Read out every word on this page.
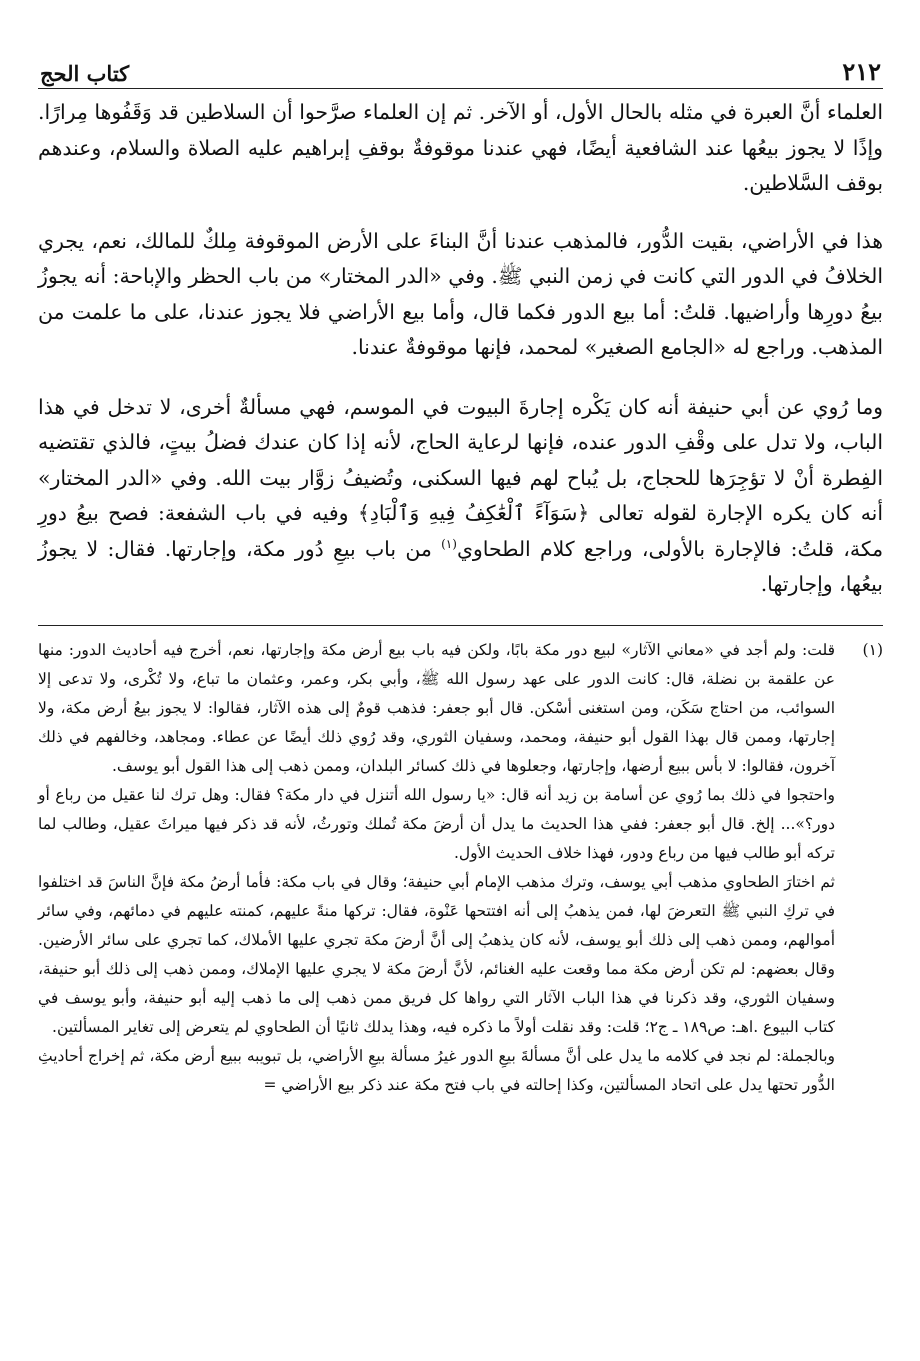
٢١٢
كتاب الحج

العلماء أنَّ العبرة في مثله بالحال الأول، أو الآخر. ثم إن العلماء صرَّحوا أن السلاطين قد وَقَفُوها مِرارًا. وإذًا لا يجوز بيعُها عند الشافعية أيضًا، فهي عندنا موقوفةٌ بوقفِ إبراهيم عليه الصلاة والسلام، وعندهم بوقف السَّلاطين.

هذا في الأراضي، بقيت الدُّور، فالمذهب عندنا أنَّ البناءَ على الأرض الموقوفة مِلكٌ للمالك، نعم، يجري الخلافُ في الدور التي كانت في زمن النبي ﷺ. وفي «الدر المختار» من باب الحظر والإباحة: أنه يجوزُ بيعُ دورِها وأراضيها. قلتُ: أما بيع الدور فكما قال، وأما بيع الأراضي فلا يجوز عندنا، على ما علمت من المذهب. وراجع له «الجامع الصغير» لمحمد، فإنها موقوفةٌ عندنا.

وما رُوي عن أبي حنيفة أنه كان يَكْره إجارةَ البيوت في الموسم، فهي مسألةٌ أخرى، لا تدخل في هذا الباب، ولا تدل على وقْفِ الدور عنده، فإنها لرعاية الحاج، لأنه إذا كان عندك فضلُ بيتٍ، فالذي تقتضيه الفِطرة أنْ لا تؤجِرَها للحجاج، بل يُباح لهم فيها السكنى، وتُضيفُ زوَّار بيت الله. وفي «الدر المختار» أنه كان يكره الإجارة لقوله تعالى ﴿سَوَآءً ٱلْعَٰكِفُ فِيهِ وَٱلْبَادِ﴾ وفيه في باب الشفعة: فصح بيعُ دورِ مكة، قلتُ: فالإجارة بالأولى، وراجع كلام الطحاوي$^{(١)}$ من باب بيعِ دُور مكة، وإجارتها. فقال: لا يجوزُ بيعُها، وإجارتها.

(١)

قلت: ولم أجد في «معاني الآثار» لبيع دور مكة بابًا، ولكن فيه باب بيع أرض مكة وإجارتها، نعم، أخرج فيه أحاديث الدور: منها عن علقمة بن نضلة، قال: كانت الدور على عهد رسول الله ﷺ، وأبي بكر، وعمر، وعثمان ما تباع، ولا تُكْرى، ولا تدعى إلا السوائب، من احتاج سَكَن، ومن استغنى أسْكن. قال أبو جعفر: فذهب قومٌ إلى هذه الآثار، فقالوا: لا يجوز بيعُ أرض مكة، ولا إجارتها، وممن قال بهذا القول أبو حنيفة، ومحمد، وسفيان الثوري، وقد رُوي ذلك أيضًا عن عطاء. ومجاهد، وخالفهم في ذلك آخرون، فقالوا: لا بأس ببيع أرضها، وإجارتها، وجعلوها في ذلك كسائر البلدان، وممن ذهب إلى هذا القول أبو يوسف.

واحتجوا في ذلك بما رُوي عن أسامة بن زيد أنه قال: «يا رسول الله أتنزل في دار مكة؟ فقال: وهل ترك لنا عقيل من رباع أو دور؟»... إلخ. قال أبو جعفر: ففي هذا الحديث ما يدل أن أرضَ مكة تُملك وتورثُ، لأنه قد ذكر فيها ميراثَ عقيل، وطالب لما تركه أبو طالب فيها من رباع ودور، فهذا خلاف الحديث الأول.

ثم اختارَ الطحاوي مذهب أبي يوسف، وترك مذهب الإمام أبي حنيفة؛ وقال في باب مكة: فأما أرضُ مكة فإنَّ الناسَ قد اختلفوا في تركِ النبي ﷺ التعرضَ لها، فمن يذهبُ إلى أنه افتتحها عَنْوة، فقال: تركها منةً عليهم، كمنته عليهم في دمائهم، وفي سائر أموالهم، وممن ذهب إلى ذلك أبو يوسف، لأنه كان يذهبُ إلى أنَّ أرضَ مكة تجري عليها الأملاك، كما تجري على سائر الأرضين. وقال بعضهم: لم تكن أرض مكة مما وقعت عليه الغنائم، لأنَّ أرضَ مكة لا يجري عليها الإملاك، وممن ذهب إلى ذلك أبو حنيفة، وسفيان الثوري، وقد ذكرنا في هذا الباب الآثار التي رواها كل فريق ممن ذهب إلى ما ذهب إليه أبو حنيفة، وأبو يوسف في كتاب البيوع .اهـ: ص١٨٩ ـ ج٢؛ قلت: وقد نقلت أولاً ما ذكره فيه، وهذا يدلك ثانيًا أن الطحاوي لم يتعرض إلى تغاير المسألتين.

وبالجملة: لم نجد في كلامه ما يدل على أنَّ مسألةَ بيعِ الدور غيرُ مسألة بيعِ الأراضي، بل تبويبه ببيع أرض مكة، ثم إخراج أحاديثِ الدُّور تحتها يدل على اتحاد المسألتين، وكذا إحالته في باب فتح مكة عند ذكر بيع الأراضي =
